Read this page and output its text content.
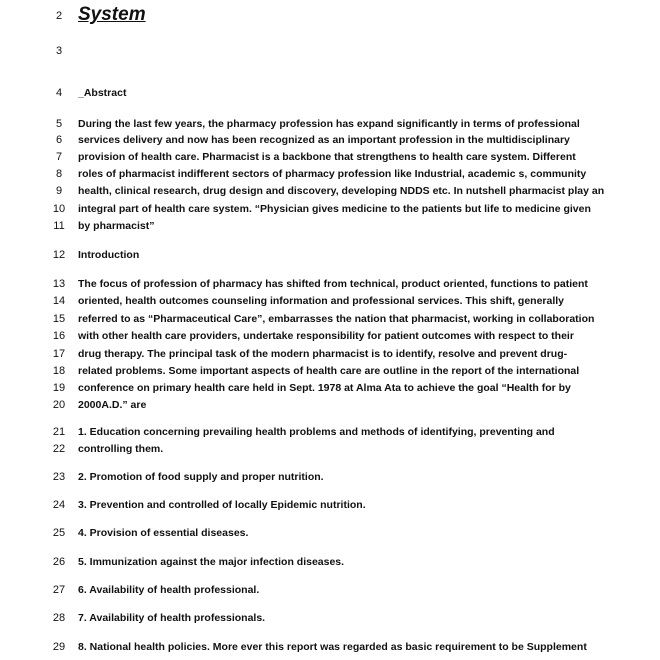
2 System
3
4	_Abstract
5	During the last few years, the pharmacy profession has expand significantly in terms of professional
6	services delivery and now has been recognized as an important profession in the multidisciplinary
7	provision of health care. Pharmacist is a backbone that strengthens to health care system. Different
8	roles of pharmacist indifferent sectors of pharmacy profession like Industrial, academic s, community
9	health, clinical research, drug design and discovery, developing NDDS etc. In nutshell pharmacist play an
10	integral part of health care system. “Physician gives medicine to the patients but life to medicine given
11	by pharmacist”
12	Introduction
13	The focus of profession of pharmacy has shifted from technical, product oriented, functions to patient
14	oriented, health outcomes counseling information and professional services. This shift, generally
15	referred to as “Pharmaceutical Care”, embarrasses the nation that pharmacist, working in collaboration
16	with other health care providers, undertake responsibility for patient outcomes with respect to their
17	drug therapy. The principal task of the modern pharmacist is to identify, resolve and prevent drug-
18	related problems. Some important aspects of health care are outline in the report of the international
19	conference on primary health care held in Sept. 1978 at Alma Ata to achieve the goal “Health for by
20	2000A.D.” are
21	1. Education concerning prevailing health problems and methods of identifying, preventing and
22	controlling them.
23	2. Promotion of food supply and proper nutrition.
24	3. Prevention and controlled of locally Epidemic nutrition.
25	4. Provision of essential diseases.
26	5. Immunization against the major infection diseases.
27	6. Availability of health professional.
28	7. Availability of health professionals.
29	8. National health policies. More ever this report was regarded as basic requirement to be Supplement
